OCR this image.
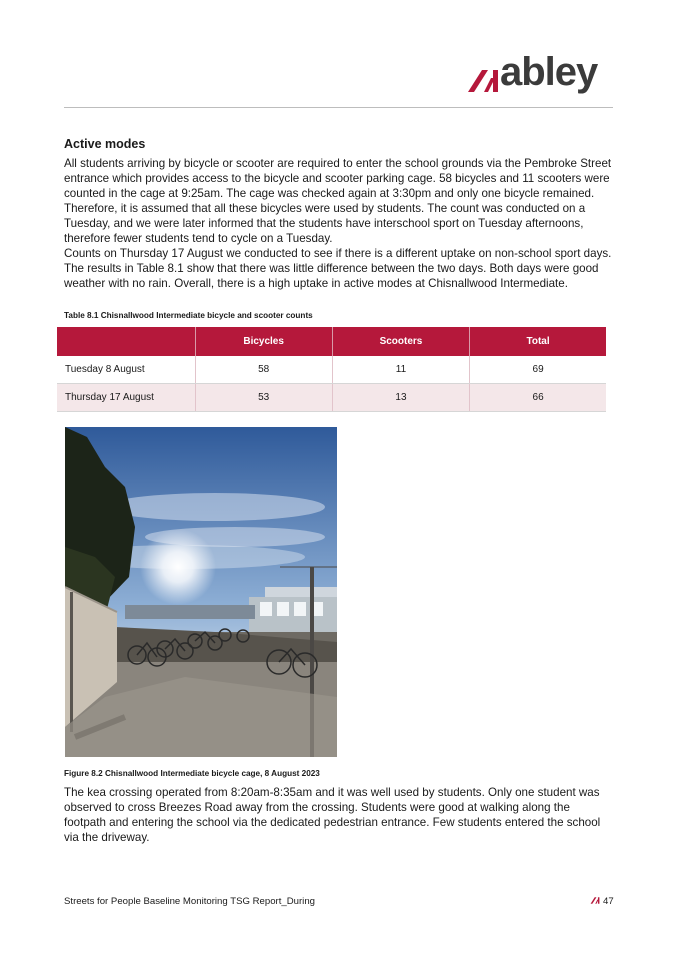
abley
Active modes

All students arriving by bicycle or scooter are required to enter the school grounds via the Pembroke Street entrance which provides access to the bicycle and scooter parking cage. 58 bicycles and 11 scooters were counted in the cage at 9:25am. The cage was checked again at 3:30pm and only one bicycle remained. Therefore, it is assumed that all these bicycles were used by students. The count was conducted on a Tuesday, and we were later informed that the students have interschool sport on Tuesday afternoons, therefore fewer students tend to cycle on a Tuesday.

Counts on Thursday 17 August we conducted to see if there is a different uptake on non-school sport days. The results in Table 8.1 show that there was little difference between the two days. Both days were good weather with no rain. Overall, there is a high uptake in active modes at Chisnallwood Intermediate.

Table 8.1 Chisnallwood Intermediate bicycle and scooter counts
	Bicycles	Scooters	Total
Tuesday 8 August	58	11	69
Thursday 17 August	53	13	66
Figure 8.2 Chisnallwood Intermediate bicycle cage, 8 August 2023

The kea crossing operated from 8:20am-8:35am and it was well used by students. Only one student was observed to cross Breezes Road away from the crossing. Students were good at walking along the footpath and entering the school via the dedicated pedestrian entrance. Few students entered the school via the driveway.

Streets for People Baseline Monitoring TSG Report_During	47
